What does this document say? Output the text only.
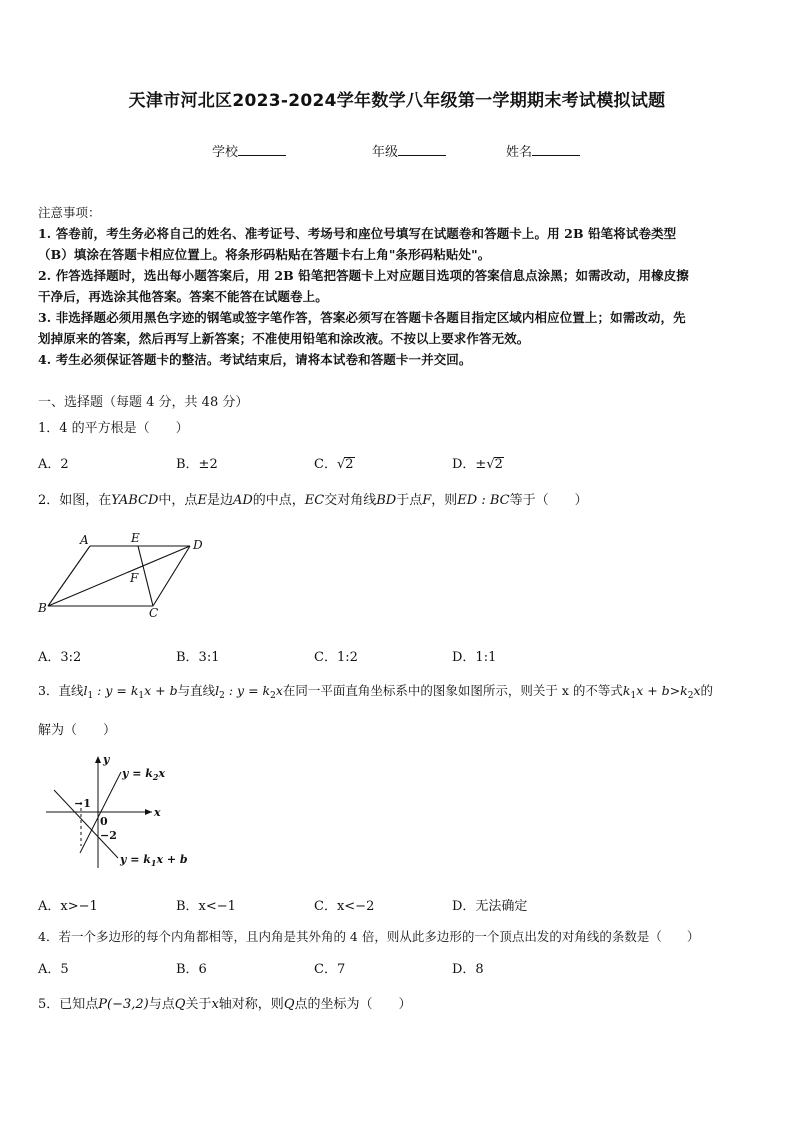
天津市河北区2023-2024学年数学八年级第一学期期末考试模拟试题
学校	年级	姓名
注意事项：
1. 答卷前，考生务必将自己的姓名、准考证号、考场号和座位号填写在试题卷和答题卡上。用 2B 铅笔将试卷类型
（B）填涂在答题卡相应位置上。将条形码粘贴在答题卡右上角"条形码粘贴处"。
2. 作答选择题时，选出每小题答案后，用 2B 铅笔把答题卡上对应题目选项的答案信息点涂黑；如需改动，用橡皮擦
干净后，再选涂其他答案。答案不能答在试题卷上。
3. 非选择题必须用黑色字迹的钢笔或签字笔作答，答案必须写在答题卡各题目指定区域内相应位置上；如需改动，先
划掉原来的答案，然后再写上新答案；不准使用铅笔和涂改液。不按以上要求作答无效。
4. 考生必须保证答题卡的整洁。考试结束后，请将本试卷和答题卡一并交回。
一、选择题（每题 4 分，共 48 分）
1．4 的平方根是（　　）
A．2	B．±2	C．√2	D．±√2
2．如图，在YABCD中，点E是边AD的中点，EC交对角线BD于点F，则ED : BC等于（　　）
A	E	D
F
B	C
A．3:2	B．3:1	C．1:2	D．1:1
3．直线$l_1$ : $y = k_1x + b$与直线$l_2$ : $y = k_2x$在同一平面直角坐标系中的图象如图所示，则关于 x 的不等式$k_1x + b>k_2x$的
解为（　　）
y
x
0
−1
−2
$y = k_2x$
$y = k_1x + b$
A．x>−1	B．x<−1	C．x<−2	D．无法确定
4．若一个多边形的每个内角都相等，且内角是其外角的 4 倍，则从此多边形的一个顶点出发的对角线的条数是（　　）
A．5	B．6	C．7	D．8
5．已知点P(−3,2)与点Q关于x轴对称，则Q点的坐标为（　　）
